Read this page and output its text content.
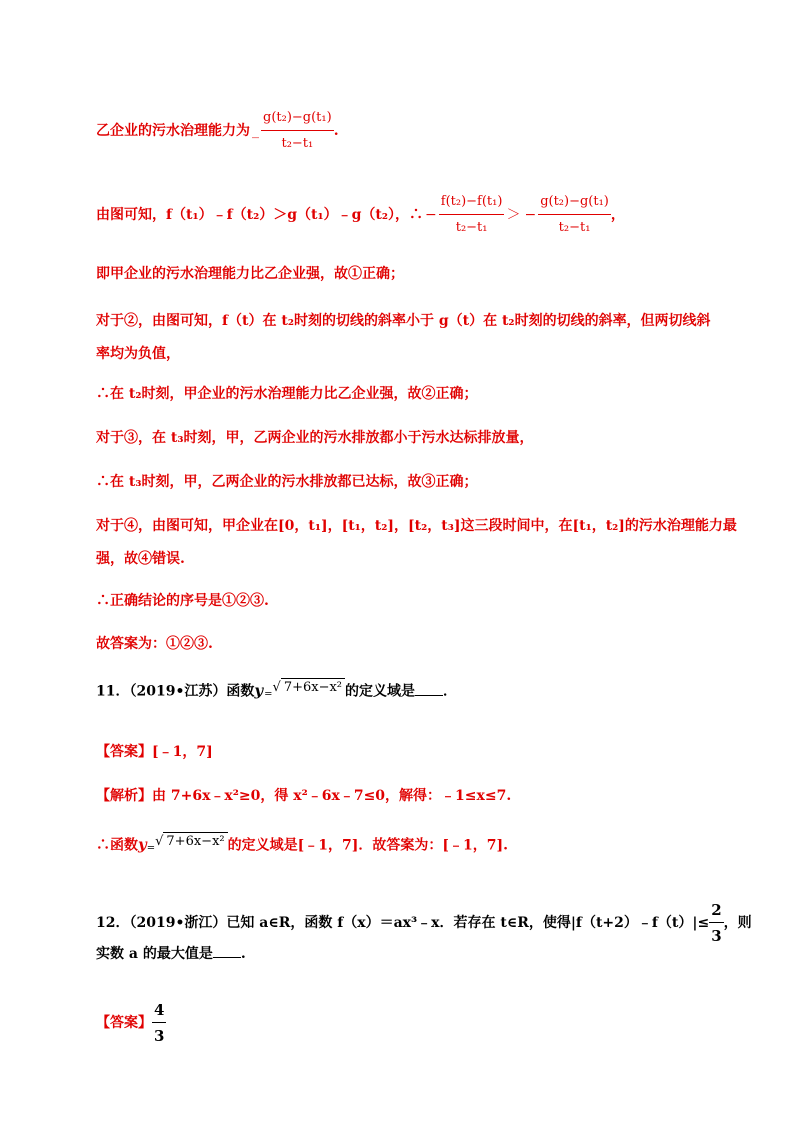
乙企业的污水治理能力为 _ $\frac{\text{g(t₂)−g(t₁)}}{\text{t₂−t₁}}$ .
由图可知，f（t₁）﹣f（t₂）＞g（t₁）﹣g（t₂），∴ − $\frac{\text{f(t₂)−f(t₁)}}{\text{t₂−t₁}}$ ＞ − $\frac{\text{g(t₂)−g(t₁)}}{\text{t₂−t₁}}$ ，
即甲企业的污水治理能力比乙企业强，故①正确；
对于②，由图可知，f（t）在 t₂时刻的切线的斜率小于 g（t）在 t₂时刻的切线的斜率，但两切线斜
率均为负值，
∴在 t₂时刻，甲企业的污水治理能力比乙企业强，故②正确；
对于③，在 t₃时刻，甲，乙两企业的污水排放都小于污水达标排放量，
∴在 t₃时刻，甲，乙两企业的污水排放都已达标，故③正确；
对于④，由图可知，甲企业在[0，t₁]，[t₁，t₂]，[t₂，t₃]这三段时间中，在[t₁，t₂]的污水治理能力最
强，故④错误.
∴正确结论的序号是①②③.
故答案为：①②③.
11．（2019•江苏）函数$y_=√$ 7+6x−x² 的定义域是 ．
【答案】[﹣1，7]
【解析】由 7+6x﹣x²≥0，得 x²﹣6x﹣7≤0，解得：﹣1≤x≤7.
∴函数$y_=√$ 7+6x−x² 的定义域是[﹣1，7]．故答案为：[﹣1，7].
12．（2019•浙江）已知 a∈R，函数 f（x）＝ax³﹣x．若存在 t∈R，使得|f（t+2）﹣f（t）|≤ $\frac{2}{3}$ ，则
实数 a 的最大值是 .
【答案】 $\frac{4}{3}$
